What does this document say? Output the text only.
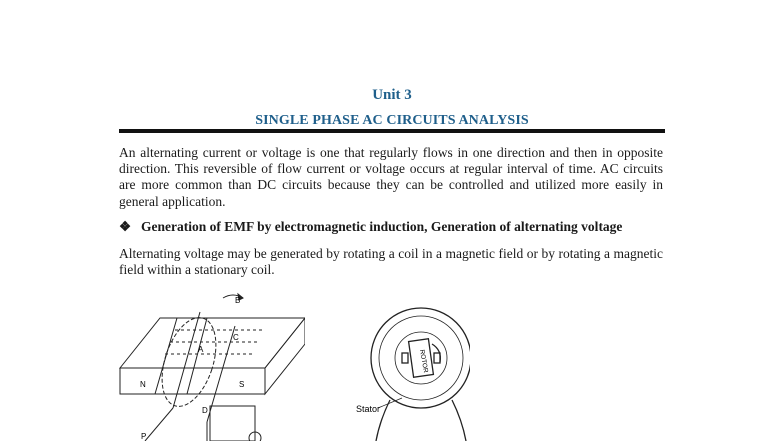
Unit 3
SINGLE PHASE AC CIRCUITS ANALYSIS
An alternating current or voltage is one that regularly flows in one direction and then in opposite direction. This reversible of flow current or voltage occurs at regular interval of time. AC circuits are more common than DC circuits because they can be controlled and utilized more easily in general application.
❖ Generation of EMF by electromagnetic induction, Generation of alternating voltage
Alternating voltage may be generated by rotating a coil in a magnetic field or by rotating a magnetic field within a stationary coil.
B
C
A
D
N	S
P
ROTOR
Stator
